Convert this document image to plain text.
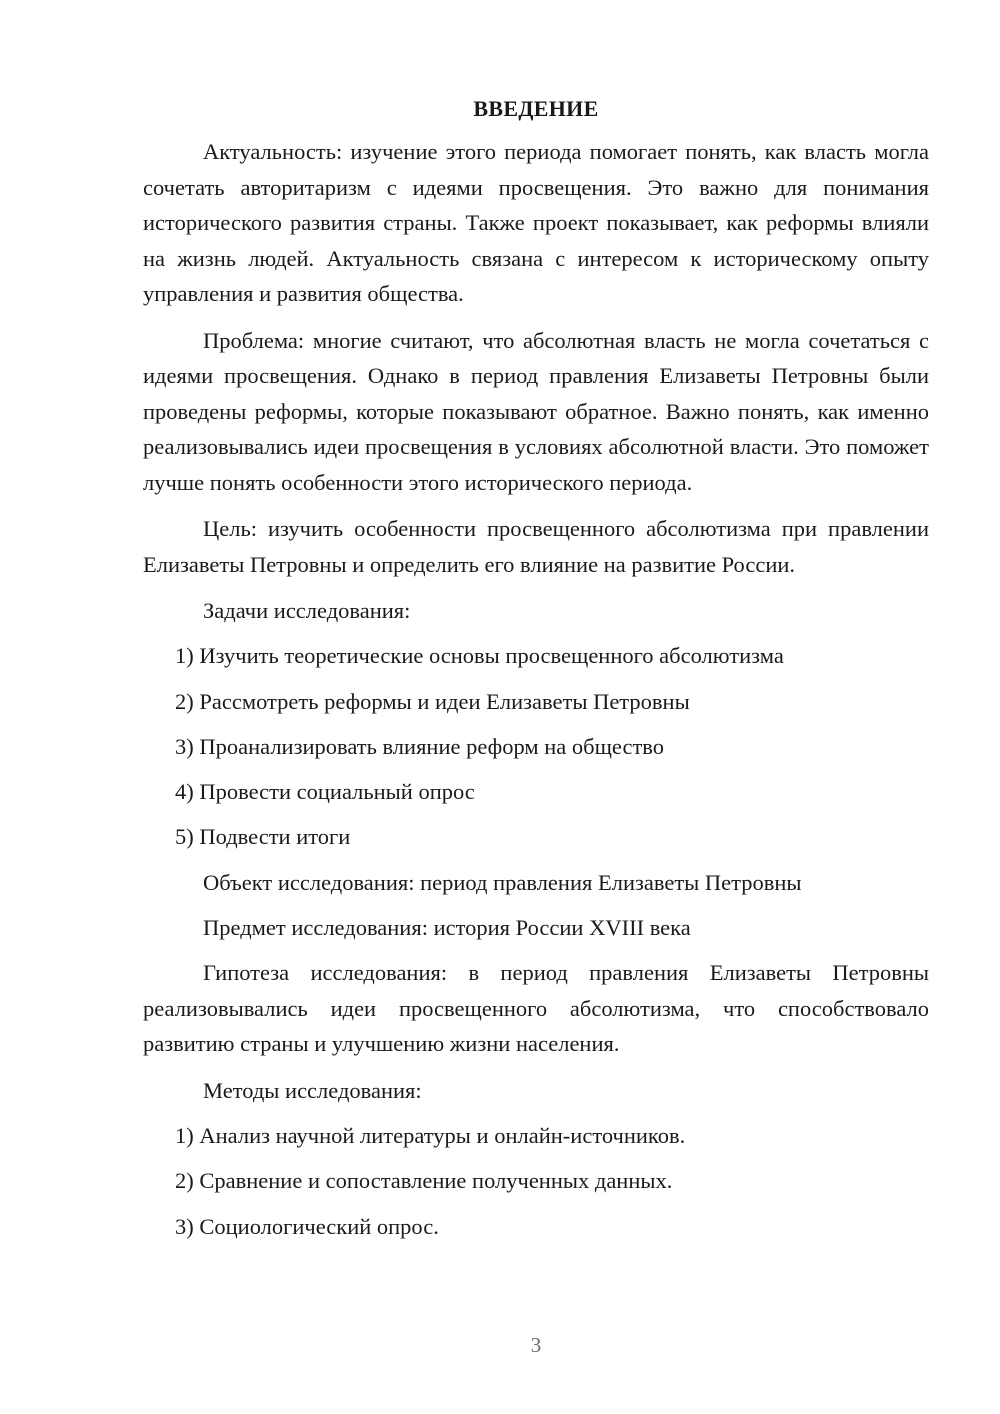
ВВЕДЕНИЕ

Актуальность: изучение этого периода помогает понять, как власть могла сочетать авторитаризм с идеями просвещения. Это важно для понимания исторического развития страны. Также проект показывает, как реформы влияли на жизнь людей. Актуальность связана с интересом к историческому опыту управления и развития общества.

Проблема: многие считают, что абсолютная власть не могла сочетаться с идеями просвещения. Однако в период правления Елизаветы Петровны были проведены реформы, которые показывают обратное. Важно понять, как именно реализовывались идеи просвещения в условиях абсолютной власти. Это поможет лучше понять особенности этого исторического периода.

Цель: изучить особенности просвещенного абсолютизма при правлении Елизаветы Петровны и определить его влияние на развитие России.

Задачи исследования:

1) Изучить теоретические основы просвещенного абсолютизма

2) Рассмотреть реформы и идеи Елизаветы Петровны

3) Проанализировать влияние реформ на общество

4) Провести социальный опрос

5) Подвести итоги

Объект исследования: период правления Елизаветы Петровны

Предмет исследования: история России XVIII века

Гипотеза исследования: в период правления Елизаветы Петровны реализовывались идеи просвещенного абсолютизма, что способствовало развитию страны и улучшению жизни населения.

Методы исследования:

1) Анализ научной литературы и онлайн-источников.

2) Сравнение и сопоставление полученных данных.

3) Социологический опрос.

3
